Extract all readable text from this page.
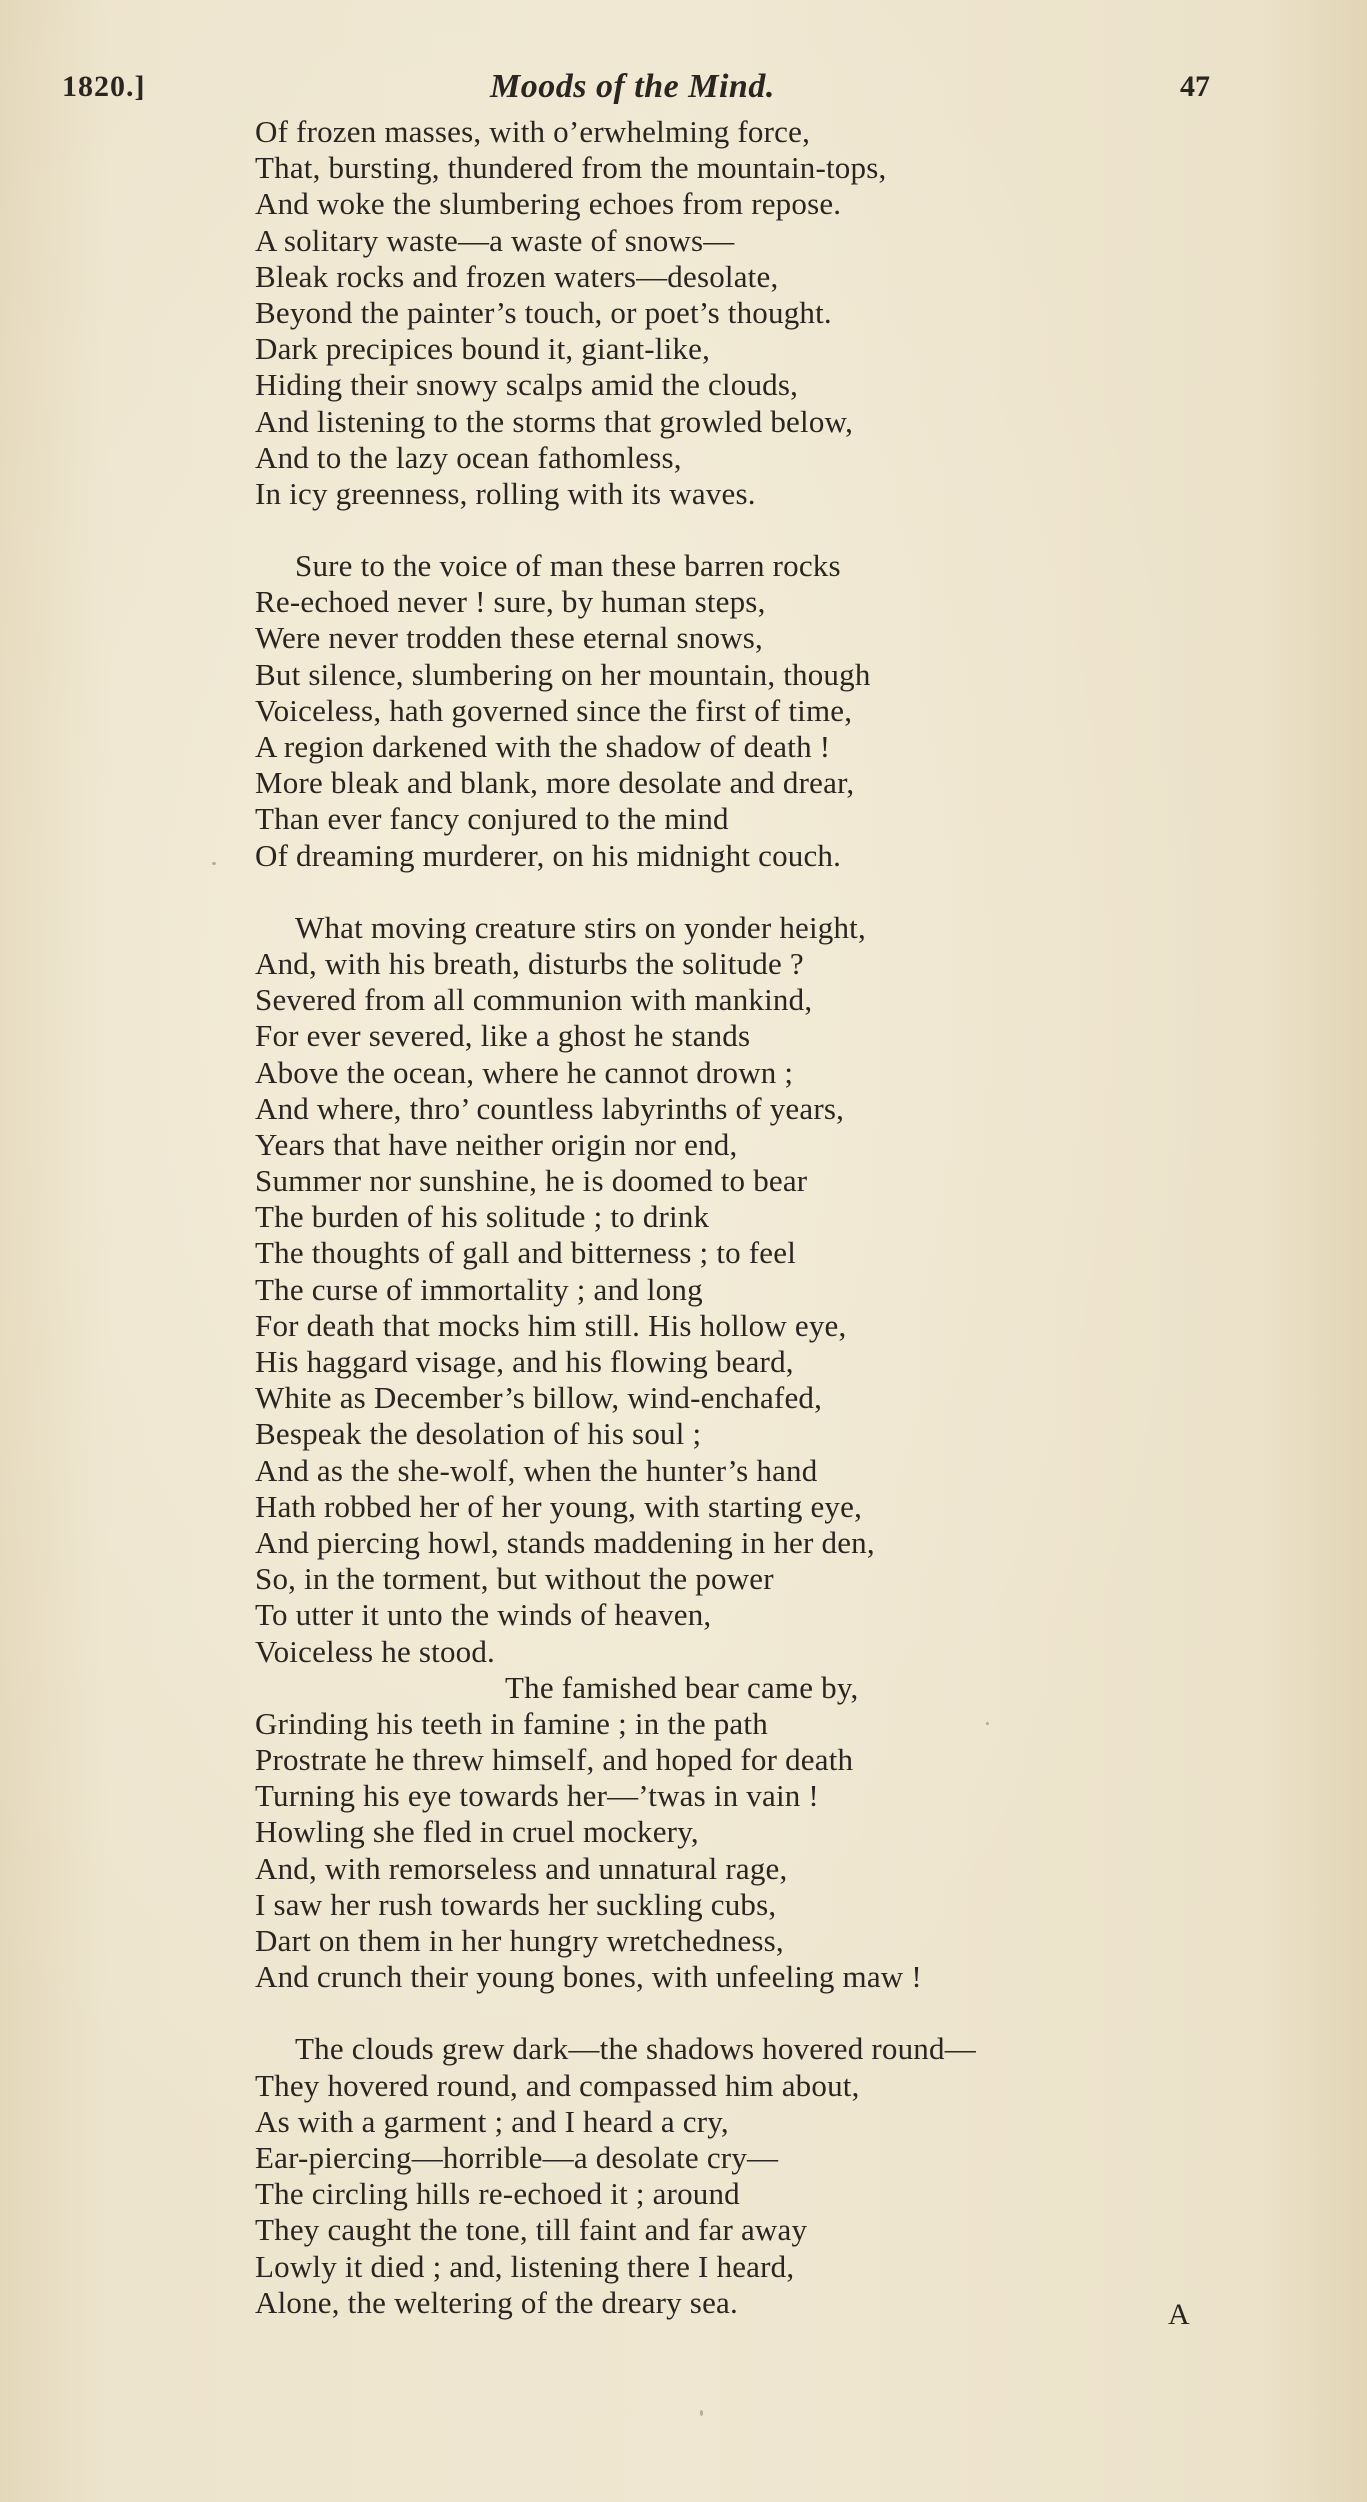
1820.]	Moods of the Mind.	47
Of frozen masses, with o’erwhelming force,
That, bursting, thundered from the mountain-tops,
And woke the slumbering echoes from repose.
A solitary waste—a waste of snows—
Bleak rocks and frozen waters—desolate,
Beyond the painter’s touch, or poet’s thought.
Dark precipices bound it, giant-like,
Hiding their snowy scalps amid the clouds,
And listening to the storms that growled below,
And to the lazy ocean fathomless,
In icy greenness, rolling with its waves.
Sure to the voice of man these barren rocks
Re-echoed never ! sure, by human steps,
Were never trodden these eternal snows,
But silence, slumbering on her mountain, though
Voiceless, hath governed since the first of time,
A region darkened with the shadow of death !
More bleak and blank, more desolate and drear,
Than ever fancy conjured to the mind
Of dreaming murderer, on his midnight couch.
What moving creature stirs on yonder height,
And, with his breath, disturbs the solitude ?
Severed from all communion with mankind,
For ever severed, like a ghost he stands
Above the ocean, where he cannot drown ;
And where, thro’ countless labyrinths of years,
Years that have neither origin nor end,
Summer nor sunshine, he is doomed to bear
The burden of his solitude ; to drink
The thoughts of gall and bitterness ; to feel
The curse of immortality ; and long
For death that mocks him still. His hollow eye,
His haggard visage, and his flowing beard,
White as December’s billow, wind-enchafed,
Bespeak the desolation of his soul ;
And as the she-wolf, when the hunter’s hand
Hath robbed her of her young, with starting eye,
And piercing howl, stands maddening in her den,
So, in the torment, but without the power
To utter it unto the winds of heaven,
Voiceless he stood.
The famished bear came by,
Grinding his teeth in famine ; in the path
Prostrate he threw himself, and hoped for death
Turning his eye towards her—’twas in vain !
Howling she fled in cruel mockery,
And, with remorseless and unnatural rage,
I saw her rush towards her suckling cubs,
Dart on them in her hungry wretchedness,
And crunch their young bones, with unfeeling maw !
The clouds grew dark—the shadows hovered round—
They hovered round, and compassed him about,
As with a garment ; and I heard a cry,
Ear-piercing—horrible—a desolate cry—
The circling hills re-echoed it ; around
They caught the tone, till faint and far away
Lowly it died ; and, listening there I heard,
Alone, the weltering of the dreary sea.	A
